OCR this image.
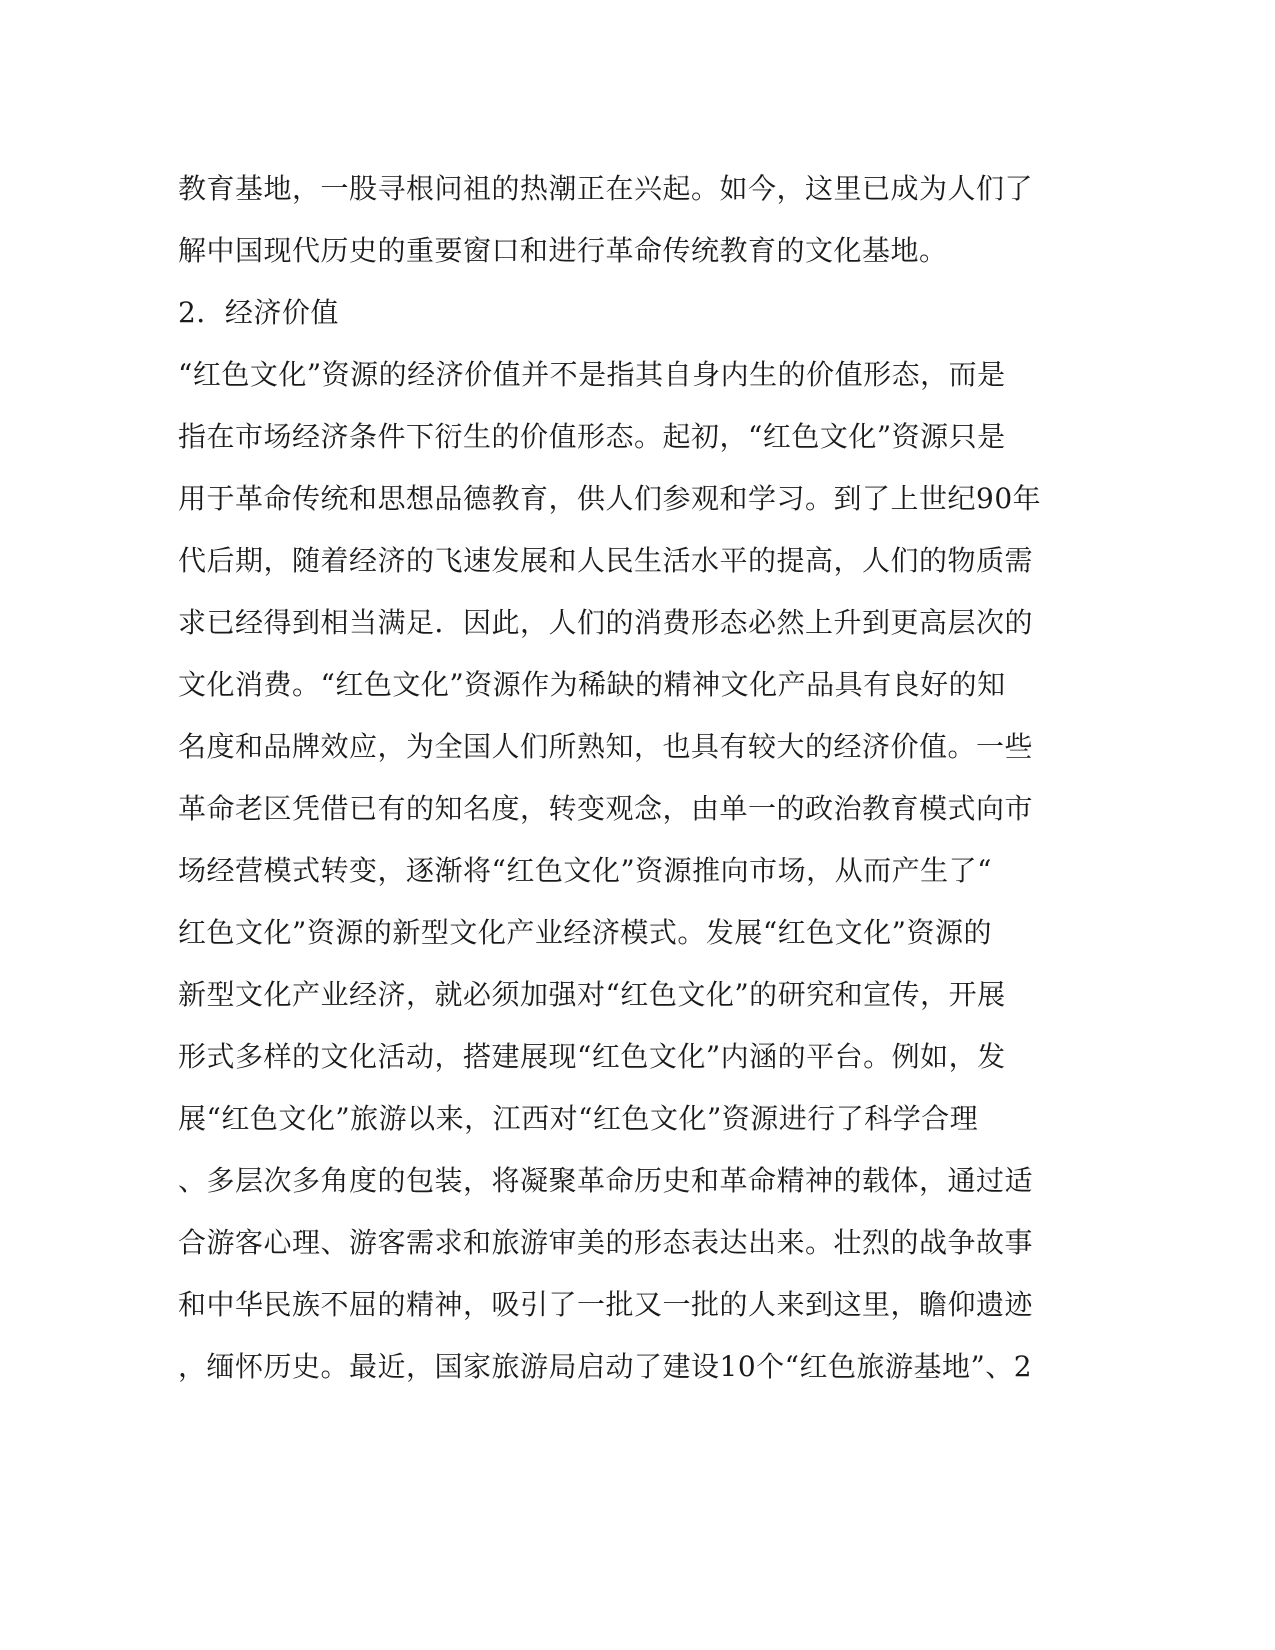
教育基地，一股寻根问祖的热潮正在兴起。如今，这里已成为人们了
解中国现代历史的重要窗口和进行革命传统教育的文化基地。
2．经济价值
“红色文化”资源的经济价值并不是指其自身内生的价值形态，而是
指在市场经济条件下衍生的价值形态。起初，“红色文化”资源只是
用于革命传统和思想品德教育，供人们参观和学习。到了上世纪90年
代后期，随着经济的飞速发展和人民生活水平的提高，人们的物质需
求已经得到相当满足．因此，人们的消费形态必然上升到更高层次的
文化消费。“红色文化”资源作为稀缺的精神文化产品具有良好的知
名度和品牌效应，为全国人们所熟知，也具有较大的经济价值。一些
革命老区凭借已有的知名度，转变观念，由单一的政治教育模式向市
场经营模式转变，逐渐将“红色文化”资源推向市场，从而产生了“
红色文化”资源的新型文化产业经济模式。发展“红色文化”资源的
新型文化产业经济，就必须加强对“红色文化”的研究和宣传，开展
形式多样的文化活动，搭建展现“红色文化”内涵的平台。例如，发
展“红色文化”旅游以来，江西对“红色文化”资源进行了科学合理
、多层次多角度的包装，将凝聚革命历史和革命精神的载体，通过适
合游客心理、游客需求和旅游审美的形态表达出来。壮烈的战争故事
和中华民族不屈的精神，吸引了一批又一批的人来到这里，瞻仰遗迹
，缅怀历史。最近，国家旅游局启动了建设10个“红色旅游基地”、2
